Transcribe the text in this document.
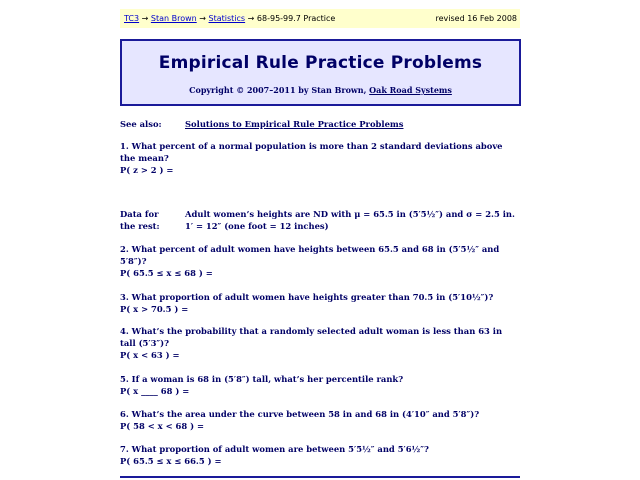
TC3 → Stan Brown → Statistics → 68-95-99.7 Practice	revised 16 Feb 2008
Empirical Rule Practice Problems
Copyright © 2007–2011 by Stan Brown, Oak Road Systems
See also:	Solutions to Empirical Rule Practice Problems
1. What percent of a normal population is more than 2 standard deviations above the mean?
P( z > 2 ) =
Data for	Adult women’s heights are ND with μ = 65.5 in (5′5½″) and σ = 2.5 in.
the rest:	1′ = 12″ (one foot = 12 inches)
2. What percent of adult women have heights between 65.5 and 68 in (5′5½″ and 5′8″)?
P( 65.5 ≤ x ≤ 68 ) =
3. What proportion of adult women have heights greater than 70.5 in (5′10½″)?
P( x > 70.5 ) =
4. What’s the probability that a randomly selected adult woman is less than 63 in tall (5′3″)?
P( x < 63 ) =
5. If a woman is 68 in (5′8″) tall, what’s her percentile rank?
P( x ____ 68 ) =
6. What’s the area under the curve between 58 in and 68 in (4′10″ and 5′8″)?
P( 58 < x < 68 ) =
7. What proportion of adult women are between 5′5½″ and 5′6½″?
P( 65.5 ≤ x ≤ 66.5 ) =
